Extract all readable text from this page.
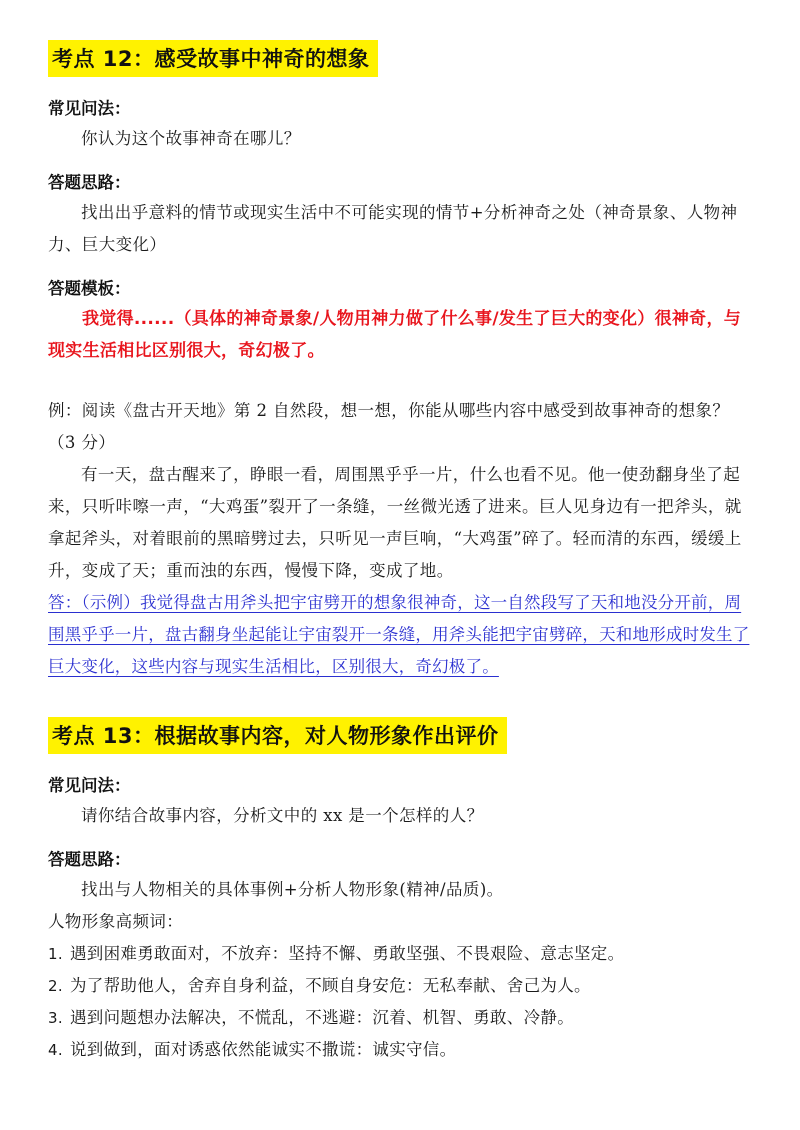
考点 12：感受故事中神奇的想象
常见问法：
你认为这个故事神奇在哪儿？
答题思路：
找出出乎意料的情节或现实生活中不可能实现的情节+分析神奇之处（神奇景象、人物神力、巨大变化）
答题模板：
我觉得......（具体的神奇景象/人物用神力做了什么事/发生了巨大的变化）很神奇，与现实生活相比区别很大，奇幻极了。
例：阅读《盘古开天地》第 2 自然段，想一想，你能从哪些内容中感受到故事神奇的想象？（3 分）
有一天，盘古醒来了，睁眼一看，周围黑乎乎一片，什么也看不见。他一使劲翻身坐了起来，只听咔嚓一声，“大鸡蛋”裂开了一条缝，一丝微光透了进来。巨人见身边有一把斧头，就拿起斧头，对着眼前的黑暗劈过去，只听见一声巨响，“大鸡蛋”碎了。轻而清的东西，缓缓上升，变成了天；重而浊的东西，慢慢下降，变成了地。
答：（示例）我觉得盘古用斧头把宇宙劈开的想象很神奇，这一自然段写了天和地没分开前，周围黑乎乎一片，盘古翻身坐起能让宇宙裂开一条缝，用斧头能把宇宙劈碎，天和地形成时发生了巨大变化，这些内容与现实生活相比，区别很大，奇幻极了。
考点 13：根据故事内容，对人物形象作出评价
常见问法：
请你结合故事内容，分析文中的 xx 是一个怎样的人？
答题思路：
找出与人物相关的具体事例+分析人物形象(精神/品质)。
人物形象高频词：
1. 遇到困难勇敢面对，不放弃：坚持不懈、勇敢坚强、不畏艰险、意志坚定。
2. 为了帮助他人，舍弃自身利益，不顾自身安危：无私奉献、舍己为人。
3. 遇到问题想办法解决，不慌乱，不逃避：沉着、机智、勇敢、冷静。
4. 说到做到，面对诱惑依然能诚实不撒谎：诚实守信。
